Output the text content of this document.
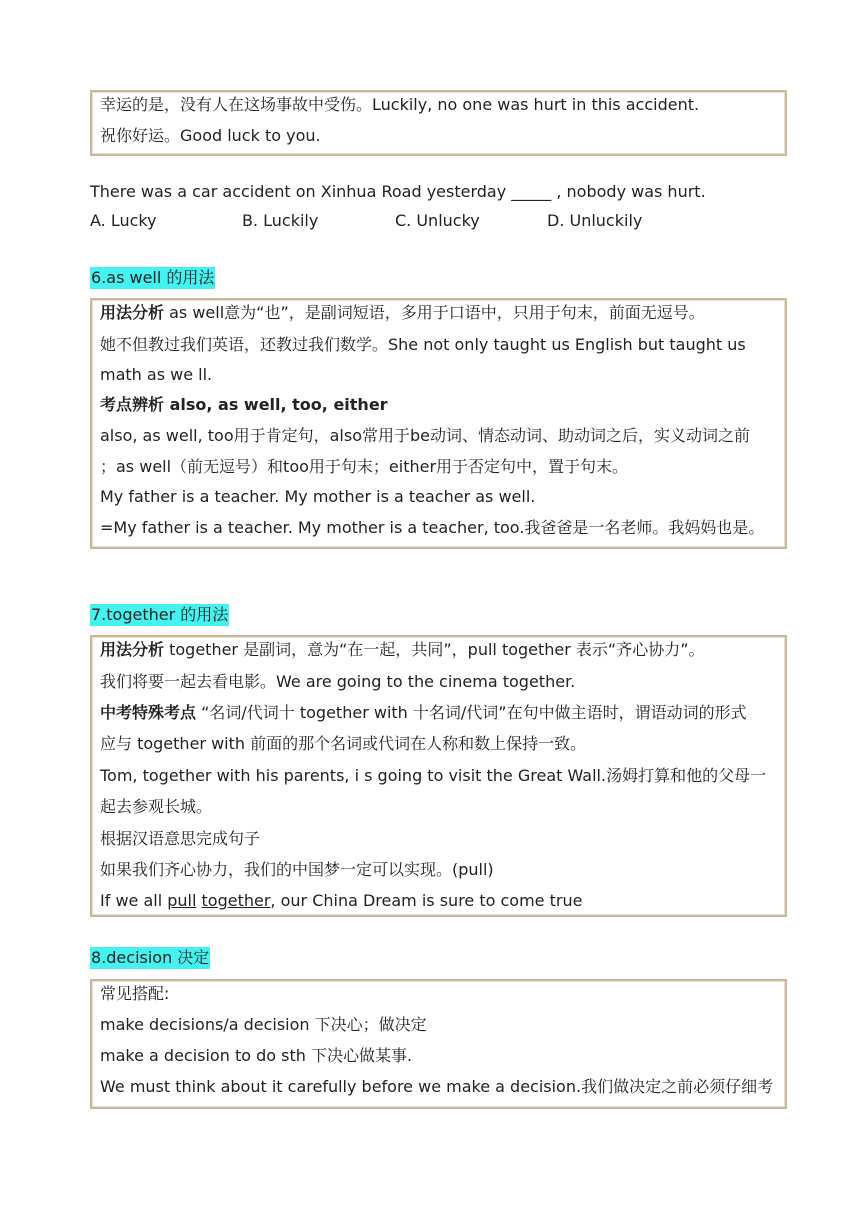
幸运的是，没有人在这场事故中受伤。Luckily, no one was hurt in this accident.
祝你好运。Good luck to you.
There was a car accident on Xinhua Road yesterday _____ , nobody was hurt.
A. Lucky	B. Luckily	C. Unlucky	D. Unluckily
6.as well 的用法
用法分析 as well意为“也”，是副词短语，多用于口语中，只用于句末，前面无逗号。
她不但教过我们英语，还教过我们数学。She not only taught us English but taught us
math as we ll.
考点辨析 also, as well, too, either
also, as well, too用于肯定句，also常用于be动词、情态动词、助动词之后，实义动词之前
；as well（前无逗号）和too用于句末；either用于否定句中，置于句末。
My father is a teacher. My mother is a teacher as well.
=My father is a teacher. My mother is a teacher, too.我爸爸是一名老师。我妈妈也是。
7.together 的用法
用法分析 together 是副词，意为“在一起，共同”，pull together 表示“齐心协力”。
我们将要一起去看电影。We are going to the cinema together.
中考特殊考点 “名词/代词十 together with 十名词/代词”在句中做主语时，谓语动词的形式
应与 together with 前面的那个名词或代词在人称和数上保持一致。
Tom, together with his parents, i s going to visit the Great Wall.汤姆打算和他的父母一
起去参观长城。
根据汉语意思完成句子
如果我们齐心协力，我们的中国梦一定可以实现。(pull)
If we all pull together, our China Dream is sure to come true
8.decision 决定
常见搭配:
make decisions/a decision 下决心；做决定
make a decision to do sth 下决心做某事.
We must think about it carefully before we make a decision.我们做决定之前必须仔细考
